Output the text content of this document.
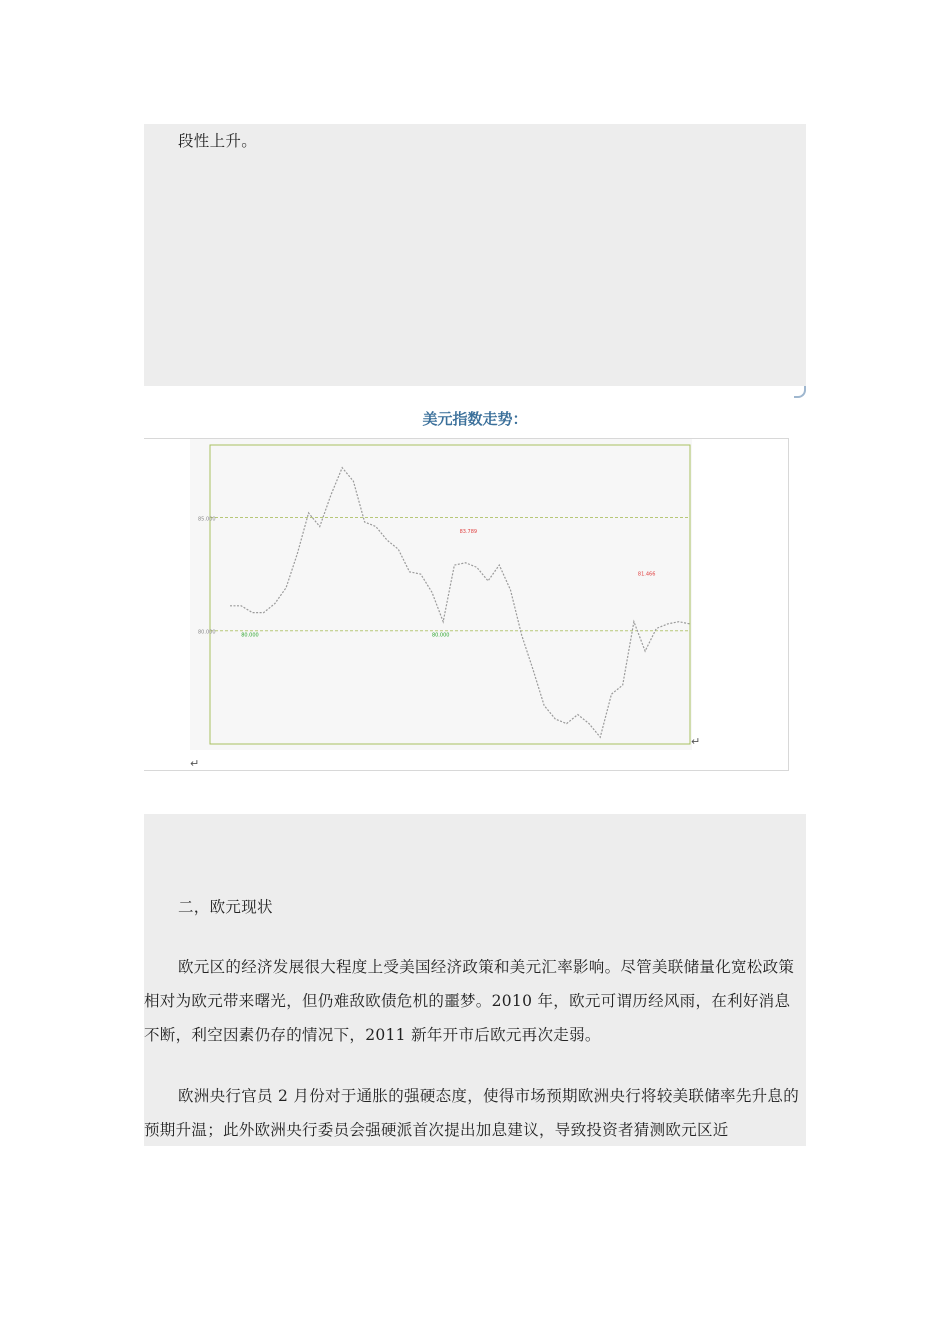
段性上升。

美元指数走势：
85.000
80.000	80.000	80.000
83.789
81.466
↵
↵

二，欧元现状

欧元区的经济发展很大程度上受美国经济政策和美元汇率影响。尽管美联储量化宽松政策相对为欧元带来曙光，但仍难敌欧债危机的噩梦。2010 年，欧元可谓历经风雨，在利好消息不断，利空因素仍存的情况下，2011 新年开市后欧元再次走弱。

欧洲央行官员 2 月份对于通胀的强硬态度，使得市场预期欧洲央行将较美联储率先升息的预期升温；此外欧洲央行委员会强硬派首次提出加息建议，导致投资者猜测欧元区近
